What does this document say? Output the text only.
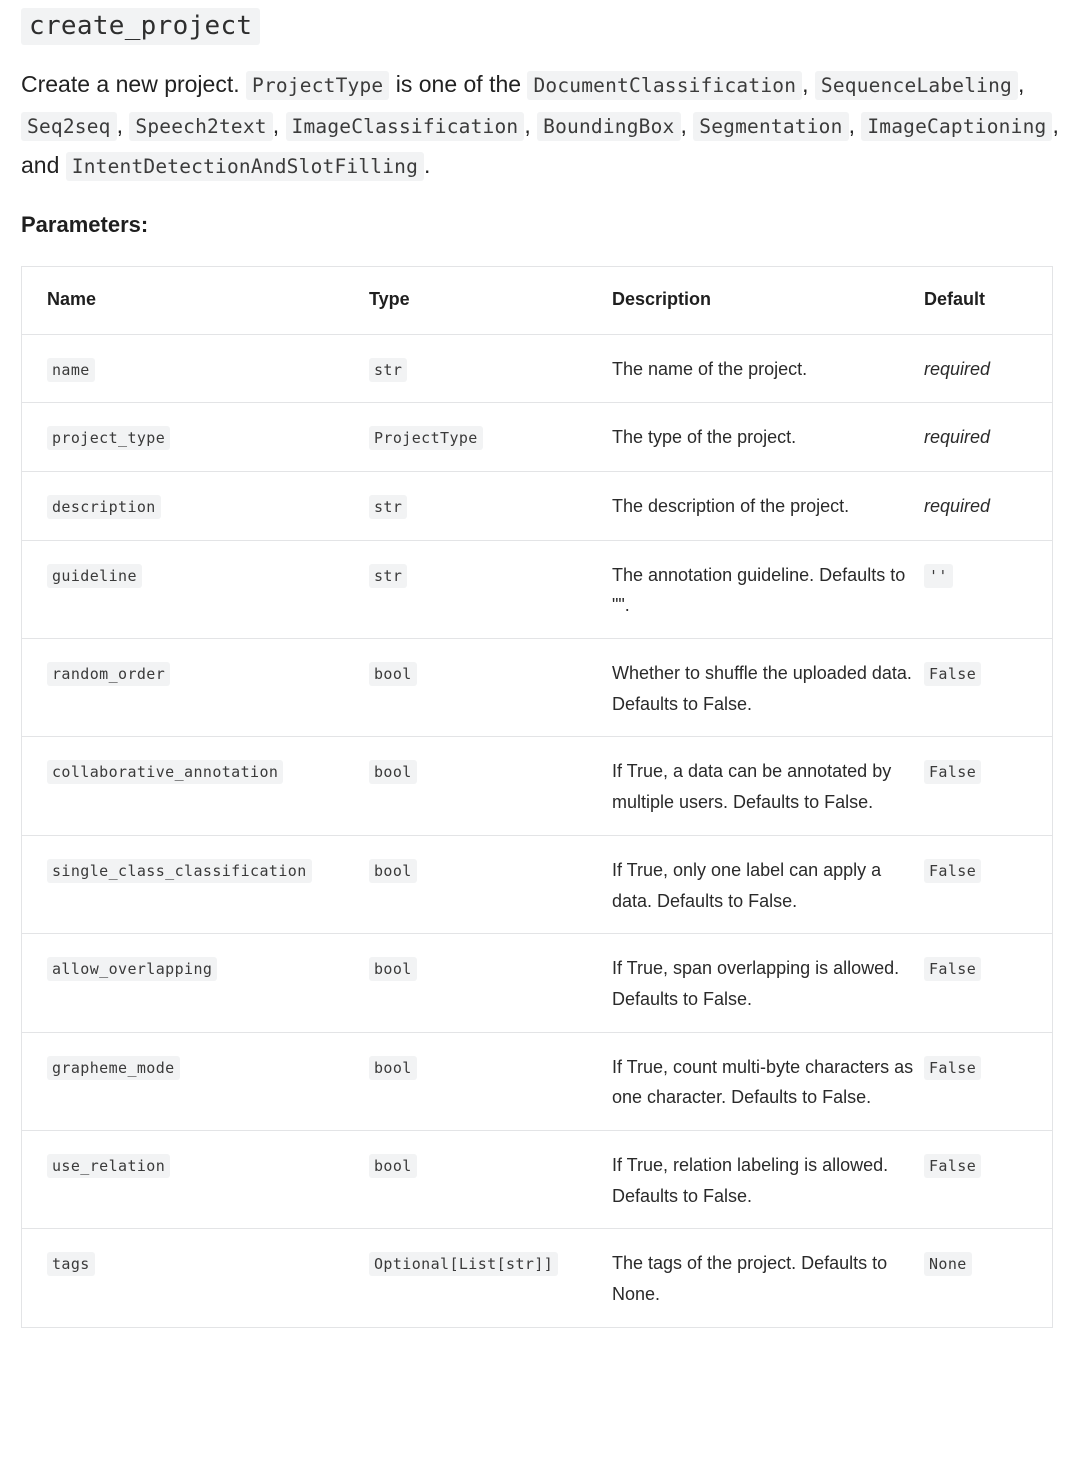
create_project
Create a new project. ProjectType is one of the DocumentClassification , SequenceLabeling , Seq2seq , Speech2text , ImageClassification , BoundingBox , Segmentation , ImageCaptioning , and IntentDetectionAndSlotFilling .
Parameters:
Name	Type	Description	Default
name	str	The name of the project.	required
project_type	ProjectType	The type of the project.	required
description	str	The description of the project.	required
guideline	str	The annotation guideline. Defaults to "".	''
random_order	bool	Whether to shuffle the uploaded data. Defaults to False.	False
collaborative_annotation	bool	If True, a data can be annotated by multiple users. Defaults to False.	False
single_class_classification	bool	If True, only one label can apply a data. Defaults to False.	False
allow_overlapping	bool	If True, span overlapping is allowed. Defaults to False.	False
grapheme_mode	bool	If True, count multi-byte characters as one character. Defaults to False.	False
use_relation	bool	If True, relation labeling is allowed. Defaults to False.	False
tags	Optional[List[str]]	The tags of the project. Defaults to None.	None
